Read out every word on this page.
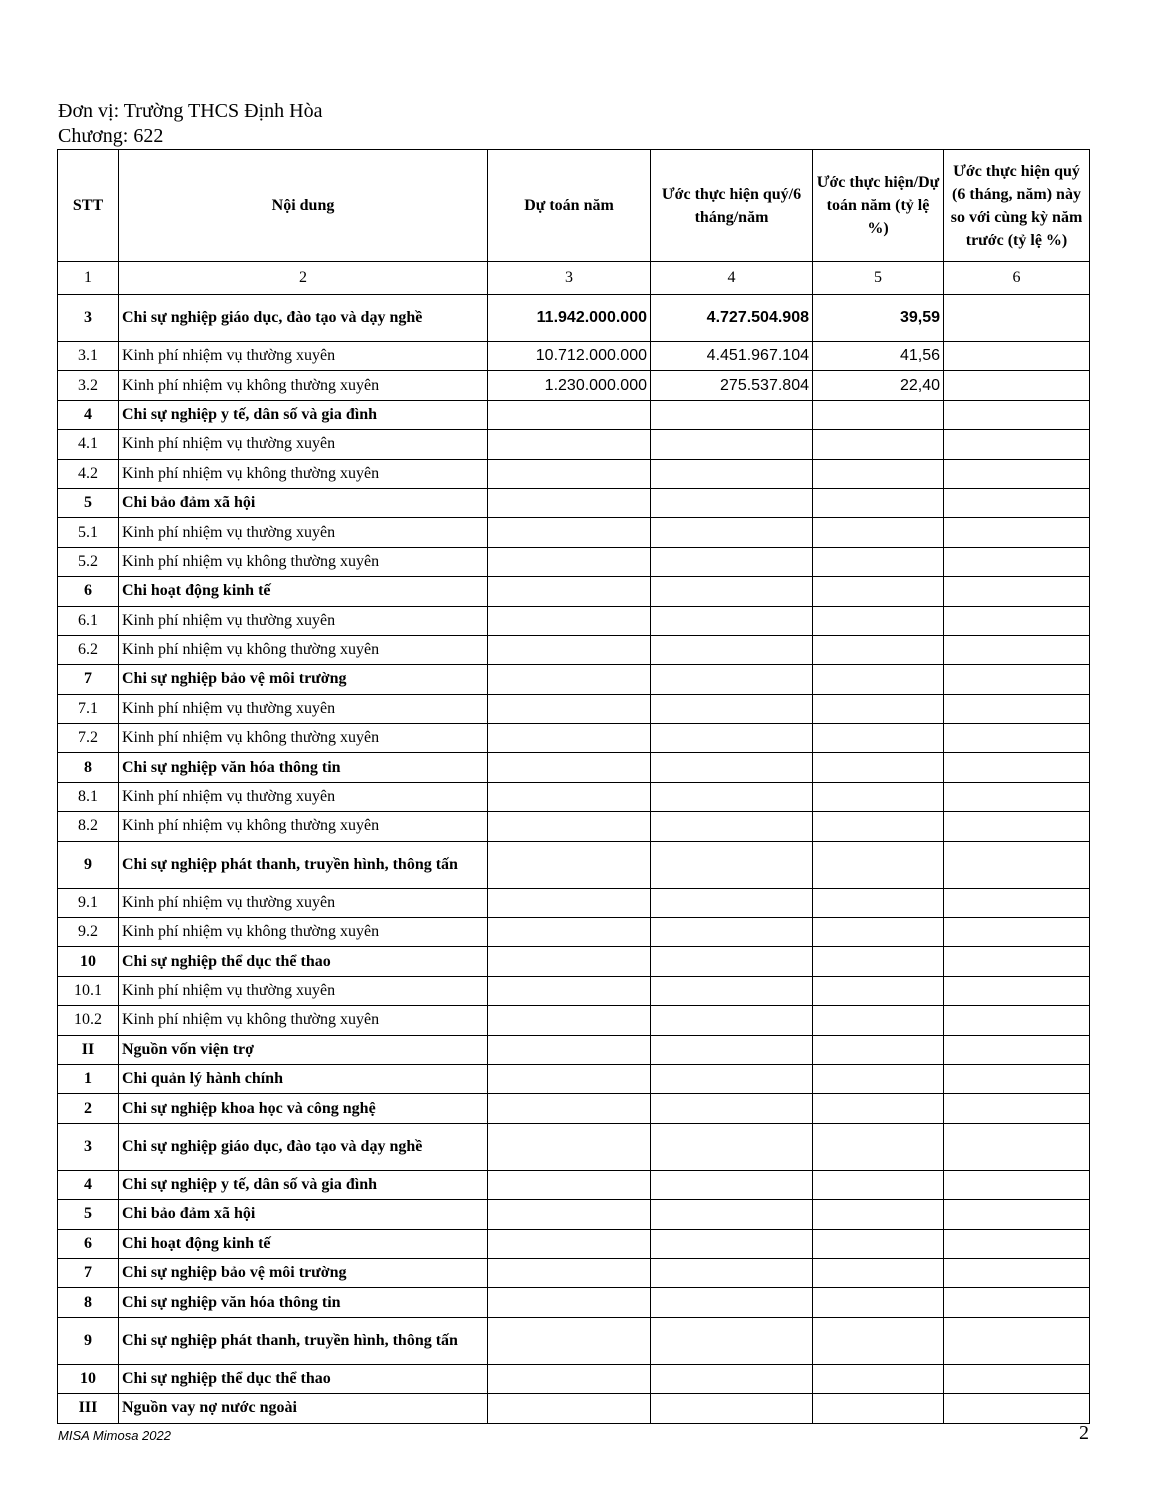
Đơn vị: Trường THCS Định Hòa
Chương: 622
STT	Nội dung	Dự toán năm	Ước thực hiện quý/6 tháng/năm	Ước thực hiện/Dự toán năm (tỷ lệ %)	Ước thực hiện quý (6 tháng, năm) này so với cùng kỳ năm trước (tỷ lệ %)
1	2	3	4	5	6
3	Chi sự nghiệp giáo dục, đào tạo và dạy nghề	11.942.000.000	4.727.504.908	39,59	
3.1	Kinh phí nhiệm vụ thường xuyên	10.712.000.000	4.451.967.104	41,56	
3.2	Kinh phí nhiệm vụ không thường xuyên	1.230.000.000	275.537.804	22,40	
4	Chi sự nghiệp y tế, dân số và gia đình				
4.1	Kinh phí nhiệm vụ thường xuyên				
4.2	Kinh phí nhiệm vụ không thường xuyên				
5	Chi bảo đảm xã hội				
5.1	Kinh phí nhiệm vụ thường xuyên				
5.2	Kinh phí nhiệm vụ không thường xuyên				
6	Chi hoạt động kinh tế				
6.1	Kinh phí nhiệm vụ thường xuyên				
6.2	Kinh phí nhiệm vụ không thường xuyên				
7	Chi sự nghiệp bảo vệ môi trường				
7.1	Kinh phí nhiệm vụ thường xuyên				
7.2	Kinh phí nhiệm vụ không thường xuyên				
8	Chi sự nghiệp văn hóa thông tin				
8.1	Kinh phí nhiệm vụ thường xuyên				
8.2	Kinh phí nhiệm vụ không thường xuyên				
9	Chi sự nghiệp phát thanh, truyền hình, thông tấn				
9.1	Kinh phí nhiệm vụ thường xuyên				
9.2	Kinh phí nhiệm vụ không thường xuyên				
10	Chi sự nghiệp thể dục thể thao				
10.1	Kinh phí nhiệm vụ thường xuyên				
10.2	Kinh phí nhiệm vụ không thường xuyên				
II	Nguồn vốn viện trợ				
1	Chi quản lý hành chính				
2	Chi sự nghiệp khoa học và công nghệ				
3	Chi sự nghiệp giáo dục, đào tạo và dạy nghề				
4	Chi sự nghiệp y tế, dân số và gia đình				
5	Chi bảo đảm xã hội				
6	Chi hoạt động kinh tế				
7	Chi sự nghiệp bảo vệ môi trường				
8	Chi sự nghiệp văn hóa thông tin				
9	Chi sự nghiệp phát thanh, truyền hình, thông tấn				
10	Chi sự nghiệp thể dục thể thao				
III	Nguồn vay nợ nước ngoài				
MISA Mimosa 2022	2
